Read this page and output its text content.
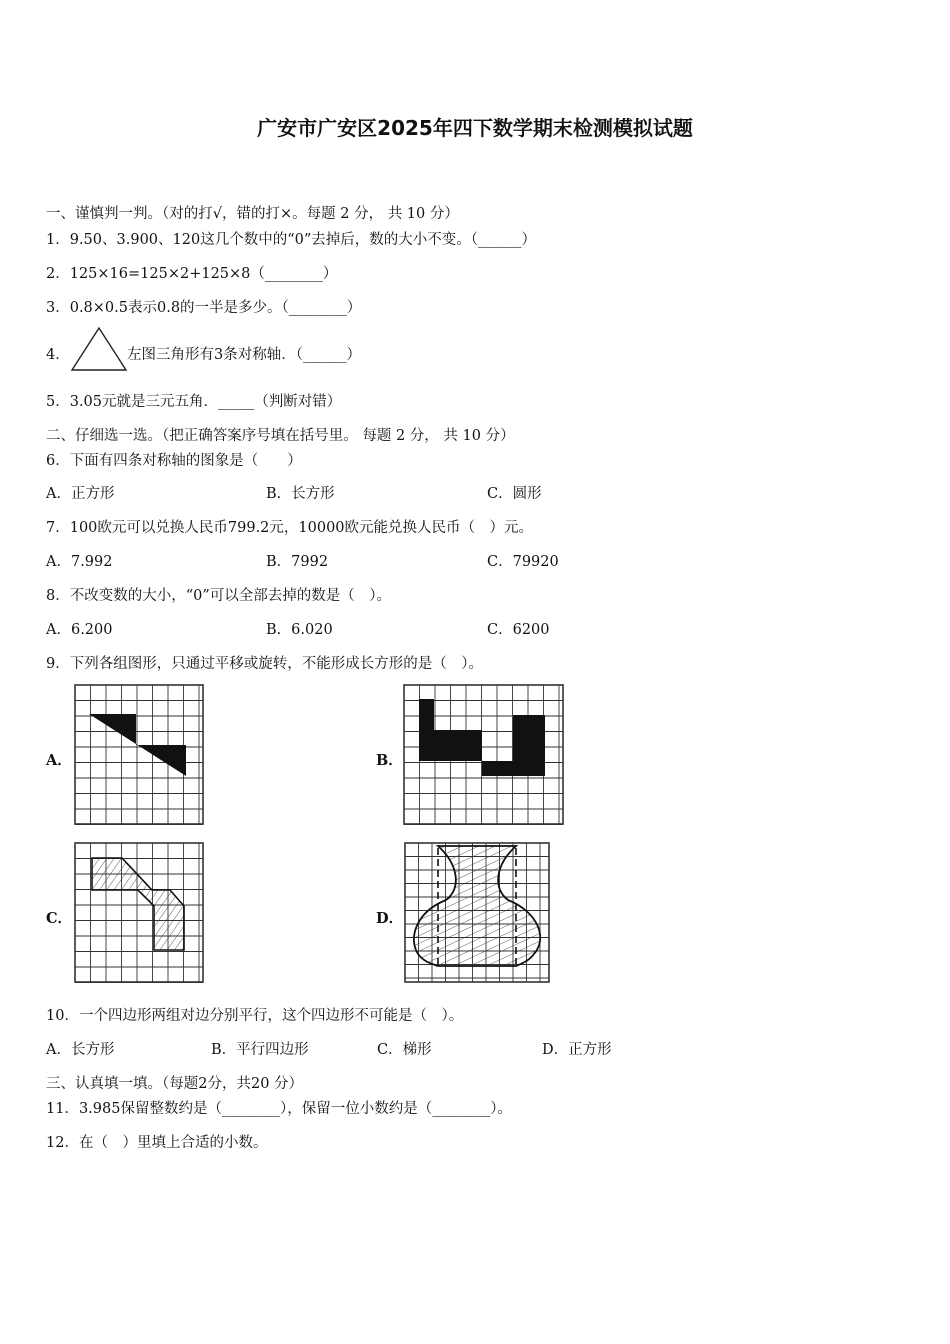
广安市广安区2025年四下数学期末检测模拟试题
一、谨慎判一判。（对的打√，错的打×。每题 2 分， 共 10 分）
1．9.50、3.900、120这几个数中的“0”去掉后，数的大小不变。（______）
2．125×16=125×2+125×8（________）
3．0.8×0.5表示0.8的一半是多少。（________）
4．	左图三角形有3条对称轴．（______）
5．3.05元就是三元五角．_____（判断对错）
二、仔细选一选。（把正确答案序号填在括号里。 每题 2 分， 共 10 分）
6．下面有四条对称轴的图象是（　　）
A．正方形	B．长方形	C．圆形
7．100欧元可以兑换人民币799.2元，10000欧元能兑换人民币（　）元。
A．7.992	B．7992	C．79920
8．不改变数的大小，“0”可以全部去掉的数是（　）。
A．6.200	B．6.020	C．6200
9．下列各组图形，只通过平移或旋转，不能形成长方形的是（　）。
A．	B．
C．	D．
10．一个四边形两组对边分别平行，这个四边形不可能是（　）。
A．长方形	B．平行四边形	C．梯形	D．正方形
三、认真填一填。（每题2分，共20 分）
11．3.985保留整数约是（________），保留一位小数约是（________）。
12．在（　）里填上合适的小数。
